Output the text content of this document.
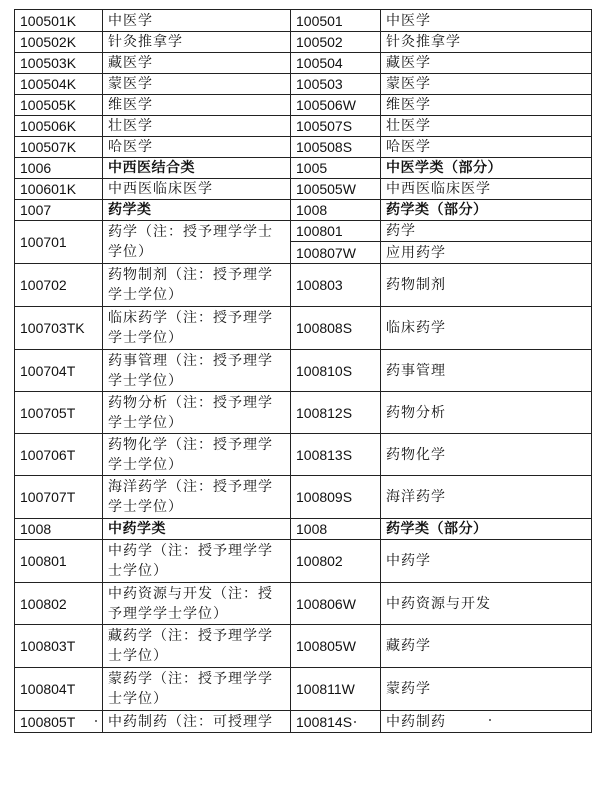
100501K	中医学	100501	中医学
100502K	针灸推拿学	100502	针灸推拿学
100503K	藏医学	100504	藏医学
100504K	蒙医学	100503	蒙医学
100505K	维医学	100506W	维医学
100506K	壮医学	100507S	壮医学
100507K	哈医学	100508S	哈医学
1006	中西医结合类	1005	中医学类（部分）
100601K	中西医临床医学	100505W	中西医临床医学
1007	药学类	1008	药学类（部分）
100701	药学（注：授予理学学士学位）	100801	药学
		100807W	应用药学
100702	药物制剂（注：授予理学学士学位）	100803	药物制剂
100703TK	临床药学（注：授予理学学士学位）	100808S	临床药学
100704T	药事管理（注：授予理学学士学位）	100810S	药事管理
100705T	药物分析（注：授予理学学士学位）	100812S	药物分析
100706T	药物化学（注：授予理学学士学位）	100813S	药物化学
100707T	海洋药学（注：授予理学学士学位）	100809S	海洋药学
1008	中药学类	1008	药学类（部分）
100801	中药学（注：授予理学学士学位）	100802	中药学
100802	中药资源与开发（注：授予理学学士学位）	100806W	中药资源与开发
100803T	藏药学（注：授予理学学士学位）	100805W	藏药学
100804T	蒙药学（注：授予理学学士学位）	100811W	蒙药学
100805T	中药制药（注：可授理学	100814S	中药制药
